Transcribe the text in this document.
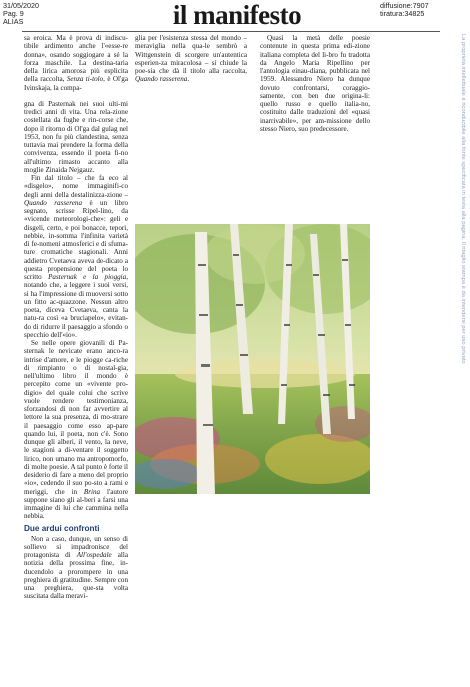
31/05/2020
Pag. 9
ALIAS	il manifesto	diffusione:7907
tiratura:34825

sa eroica. Ma è prova di indiscu-tibile ardimento anche l'«esse-re donna», osando soggiogare a sé la forza maschile. La destina-taria della lirica amorosa più esplicita della raccolta, Senza ti-tolo, è Ol'ga Ivinskaja, la compa-

gna di Pasternak nei suoi ulti-mi tredici anni di vita. Una rela-zione costellata da fughe e rin-corse che, dopo il ritorno di Ol'ga dal gulag nel 1953, non fu più clandestina, senza tuttavia mai prendere la forma della convivenza, essendo il poeta fi-no all'ultimo rimasto accanto alla moglie Zinaida Nejgauz.

Fin dal titolo – che fa eco al «disgelo», nome immaginifi-co degli anni della destalinizza-zione – Quando rasserena è un libro segnato, scrisse Ripel-lino, da «vicende meteorologi-che»: geli e disgeli, certo, e poi bonacce, tepori, nebbie, in-somma l'infinita varietà di fe-nomeni atmosferici e di sfuma-ture cromatiche stagionali. Anni addietro Cvetaeva aveva de-dicato a questa propensione del poeta lo scritto Pasternak e la pioggia, notando che, a leggere i suoi versi, si ha l'impressione di muoversi sotto un fitto ac-quazzone. Nessun altro poeta, diceva Cvetaeva, canta la natu-ra così «a bruciapelo», evitan-do di ridurre il paesaggio a sfondo o specchio dell'«io».

Se nelle opere giovanili di Pa-sternak le nevicate erano anco-ra intrise d'amore, e le piogge ca-riche di rimpianto o di nostal-gia, nell'ultimo libro il mondo è percepito come un «vivente pro-digio» del quale colui che scrive vuole rendere testimonianza, sforzandosi di non far avvertire al lettore la sua presenza, di mo-strare il paesaggio come esso ap-pare quando lui, il poeta, non c'è. Sono dunque gli alberi, il vento, la neve, le stagioni a di-ventare il soggetto lirico, non umano ma antropomorfo, di molte poesie. A tal punto è forte il desiderio di fare a meno del proprio «io», cedendo il suo po-sto a rami e meriggi, che in Brina l'autore suppone siano gli al-beri a farsi una immagine di lui che cammina nella nebbia.

Due ardui confronti

Non a caso, dunque, un senso di sollievo si impadronisce del protagonista di All'ospedale alla notizia della prossima fine, in-ducendolo a prorompere in una preghiera di gratitudine. Sempre con una preghiera, que-sta volta suscitata dalla meravi-

glia per l'esistenza stessa del mondo – meraviglia nella qua-le sembrò a Wittgenstein di scorgere un'autentica esperien-za miracolosa – si chiude la poe-sia che dà il titolo alla raccolta, Quando rasserena.

Quasi la metà delle poesie contenute in questa prima edi-zione italiana completa del li-bro fu tradotta da Angelo Maria Ripellino per l'antologia einau-diana, pubblicata nel 1959. Alessandro Niero ha dunque dovuto confrontarsi, coraggio-samente, con ben due origina-li: quello russo e quello italia-no, costituito dalle traduzioni del «quasi inarrivabile», per am-missione dello stesso Niero, suo predecessore.	La proprietà intellettuale è riconducibile alla fonte specificata in testa alla pagina. Il ritaglio stampa è da intendersi per uso privato
